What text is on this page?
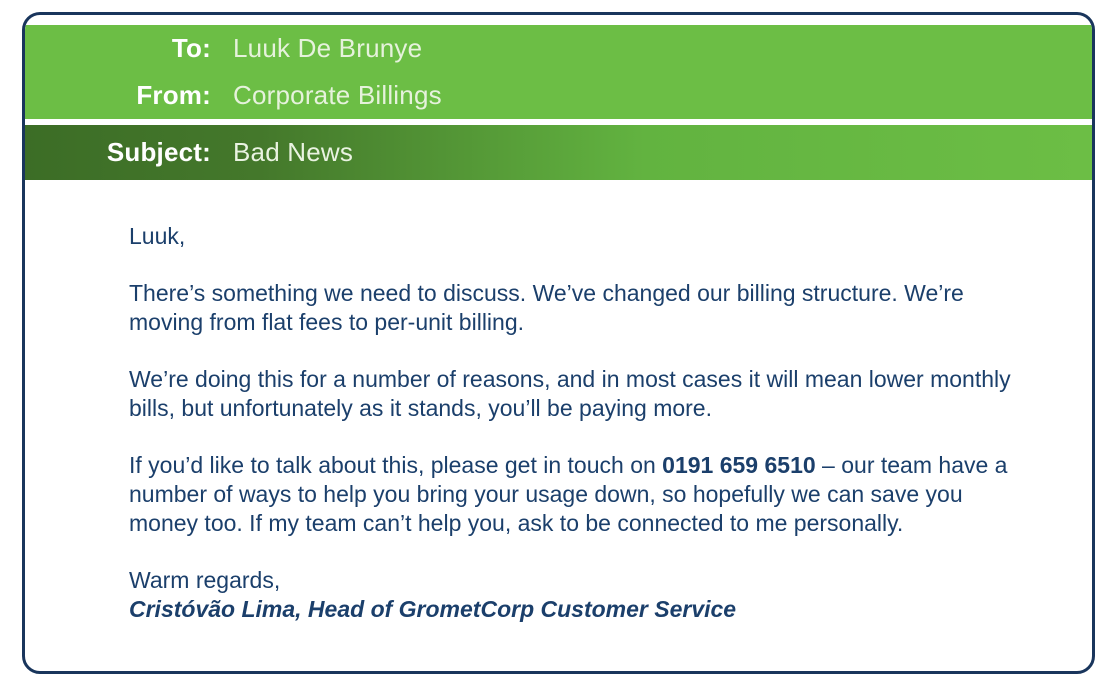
To: Luuk De Brunye
From: Corporate Billings
Subject: Bad News

Luuk,

There’s something we need to discuss. We’ve changed our billing structure. We’re moving from flat fees to per-unit billing.

We’re doing this for a number of reasons, and in most cases it will mean lower monthly bills, but unfortunately as it stands, you’ll be paying more.

If you’d like to talk about this, please get in touch on 0191 659 6510 – our team have a number of ways to help you bring your usage down, so hopefully we can save you money too. If my team can’t help you, ask to be connected to me personally.

Warm regards,

Cristóvão Lima, Head of GrometCorp Customer Service
